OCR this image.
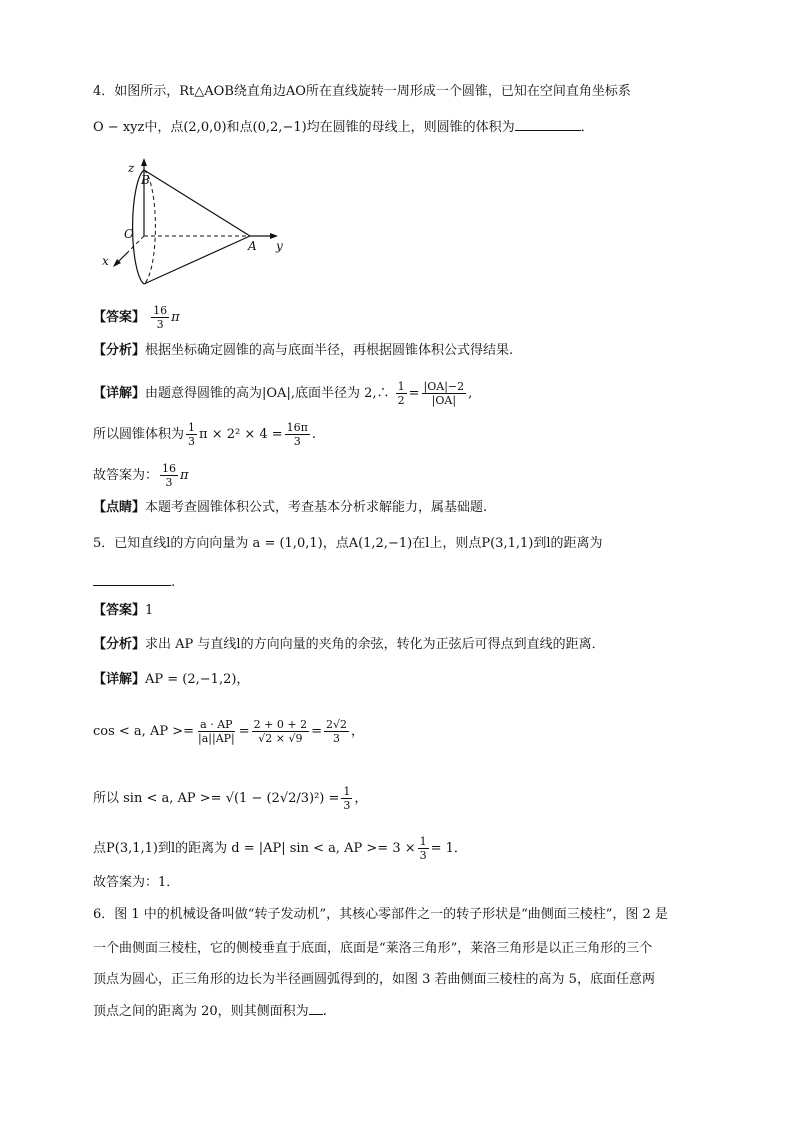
4．如图所示，Rt△AOB绕直角边AO所在直线旋转一周形成一个圆锥，已知在空间直角坐标系
O − xyz中，点(2,0,0)和点(0,2,−1)均在圆锥的母线上，则圆锥的体积为	．
z
B
O
A y
x
【答案】 $\frac{16}{3}$ π
【分析】根据坐标确定圆锥的高与底面半径，再根据圆锥体积公式得结果.
【详解】由题意得圆锥的高为|OA|,底面半径为 2,∴ $\frac{1}{2} = \frac{|OA|-2}{|OA|}$ ,
所以圆锥体积为 $\frac{1}{3}$ $\pi \times 2^2 \times 4 = \frac{16\pi}{3}$ .
故答案为： $\frac{16}{3}$ π
【点睛】本题考查圆锥体积公式，考查基本分析求解能力，属基础题.
5．已知直线l的方向向量为 a = (1,0,1)，点A(1,2,−1)在l上，则点P(3,1,1)到l的距离为
.
【答案】1
【分析】求出 AP 与直线l的方向向量的夹角的余弦，转化为正弦后可得点到直线的距离．
【详解】AP = (2,−1,2)，
cos < a, AP >= $\frac{a \cdot AP}{|a||AP|} = \frac{2 + 0 + 2}{√2 \times √9} = \frac{2√2}{3}$ ，
所以 sin < a, AP >= $√(1 - (2√2/3)^2) = \frac{1}{3}$ ，
点P(3,1,1)到l的距离为 d = |AP| sin < a, AP >= $3 \times \frac{1}{3} = 1$．
故答案为：1．
6．图 1 中的机械设备叫做“转子发动机”，其核心零部件之一的转子形状是“曲侧面三棱柱”，图 2 是
一个曲侧面三棱柱，它的侧棱垂直于底面，底面是“莱洛三角形”，莱洛三角形是以正三角形的三个
顶点为圆心，正三角形的边长为半径画圆弧得到的，如图 3 若曲侧面三棱柱的高为 5，底面任意两
顶点之间的距离为 20，则其侧面积为 .
